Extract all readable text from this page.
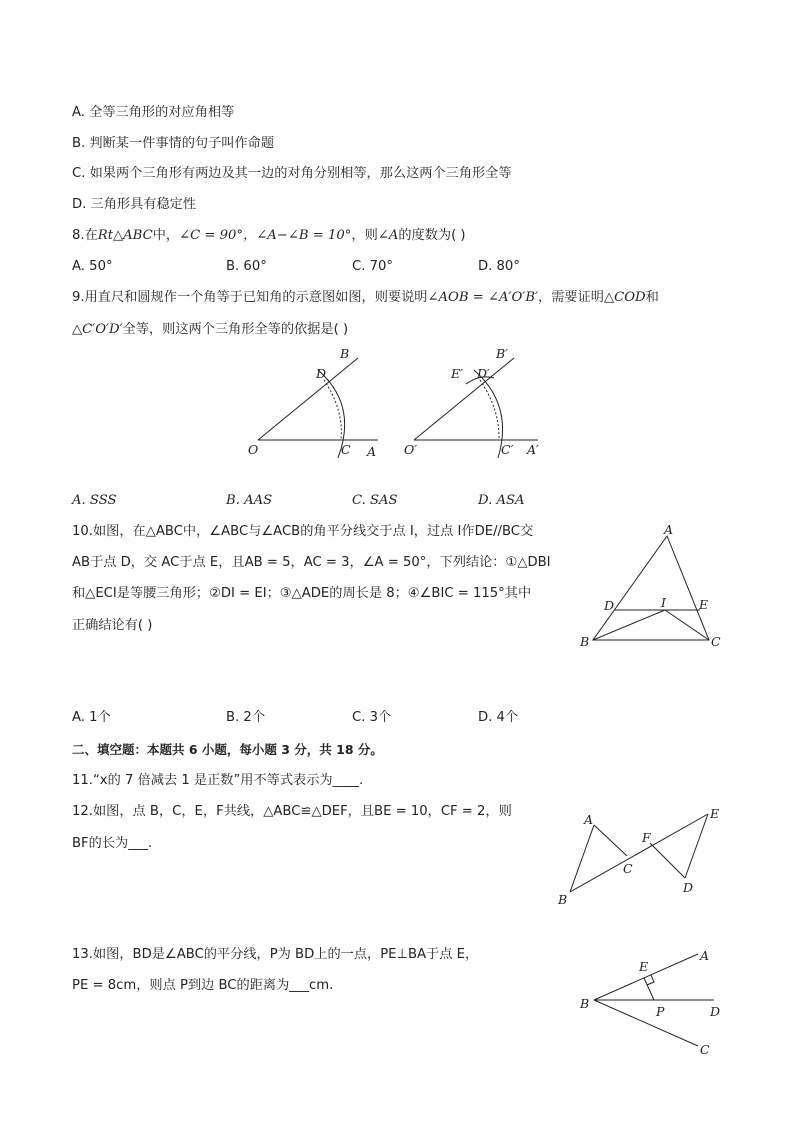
A. 全等三角形的对应角相等
B. 判断某一件事情的句子叫作命题
C. 如果两个三角形有两边及其一边的对角分别相等，那么这两个三角形全等
D. 三角形具有稳定性
8.在Rt△ABC中，∠C = 90°，∠A−∠B = 10°，则∠A的度数为( )
A. 50°	B. 60°	C. 70°	D. 80°
9.用直尺和圆规作一个角等于已知角的示意图如图，则要说明∠AOB = ∠A′O′B′，需要证明△COD和
△C′O′D′全等，则这两个三角形全等的依据是( )
B
D
O	C A
B′
E′ D′
O′	C′ A′
A. SSS	B. AAS	C. SAS	D. ASA
10.如图，在△ABC中，∠ABC与∠ACB的角平分线交于点 I，过点 I作DE//BC交
AB于点 D，交 AC于点 E，且AB = 5，AC = 3，∠A = 50°，下列结论：①△DBI
和△ECI是等腰三角形；②DI = EI；③△ADE的周长是 8；④∠BIC = 115°其中
正确结论有( )
A
D	I	E
B	C
A. 1个	B. 2个	C. 3个	D. 4个
二、填空题：本题共 6 小题，每小题 3 分，共 18 分。
11.“x的 7 倍减去 1 是正数”用不等式表示为____.
12.如图，点 B，C，E，F共线，△ABC≌△DEF，且BE = 10，CF = 2，则
BF的长为___.
A
F
E
C
D
B
13.如图，BD是∠ABC的平分线，P为 BD上的一点，PE⊥BA于点 E，
PE = 8cm，则点 P到边 BC的距离为___cm.
E
A
B
P	D
C
